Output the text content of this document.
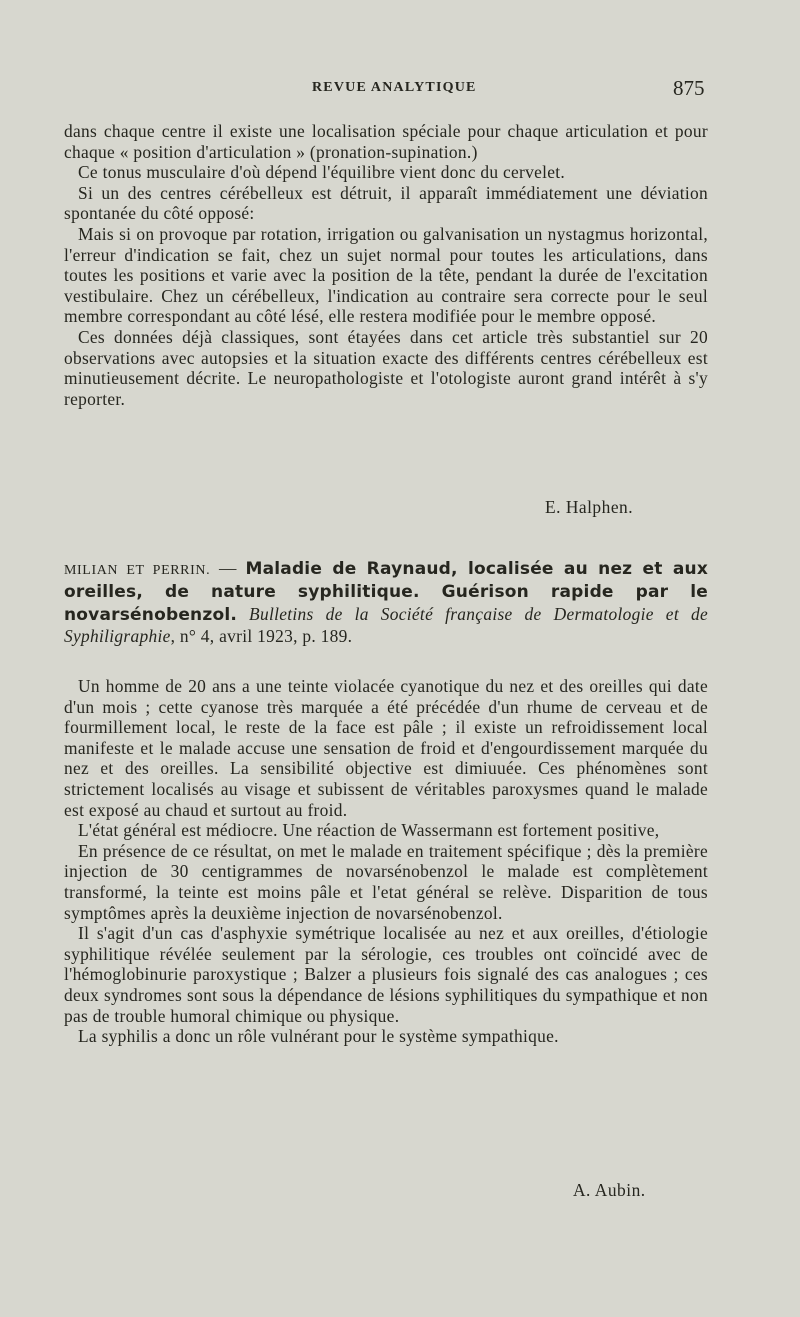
REVUE ANALYTIQUE	875

dans chaque centre il existe une localisation spéciale pour chaque articulation et pour chaque « position d'articulation » (pronation-supination.)

Ce tonus musculaire d'où dépend l'équilibre vient donc du cervelet.

Si un des centres cérébelleux est détruit, il apparaît immédiatement une déviation spontanée du côté opposé:

Mais si on provoque par rotation, irrigation ou galvanisation un nystagmus horizontal, l'erreur d'indication se fait, chez un sujet normal pour toutes les articulations, dans toutes les positions et varie avec la position de la tête, pendant la durée de l'excitation vestibulaire. Chez un cérébelleux, l'indication au contraire sera correcte pour le seul membre correspondant au côté lésé, elle restera modifiée pour le membre opposé.

Ces données déjà classiques, sont étayées dans cet article très substantiel sur 20 observations avec autopsies et la situation exacte des différents centres cérébelleux est minutieusement décrite. Le neuropathologiste et l'otologiste auront grand intérêt à s'y reporter.

E. Halphen.

MILIAN ET PERRIN. — Maladie de Raynaud, localisée au nez et aux oreilles, de nature syphilitique. Guérison rapide par le novarsénobenzol. Bulletins de la Société française de Dermatologie et de Syphiligraphie, n° 4, avril 1923, p. 189.

Un homme de 20 ans a une teinte violacée cyanotique du nez et des oreilles qui date d'un mois ; cette cyanose très marquée a été précédée d'un rhume de cerveau et de fourmillement local, le reste de la face est pâle ; il existe un refroidissement local manifeste et le malade accuse une sensation de froid et d'engourdissement marquée du nez et des oreilles. La sensibilité objective est dimiuuée. Ces phénomènes sont strictement localisés au visage et subissent de véritables paroxysmes quand le malade est exposé au chaud et surtout au froid.

L'état général est médiocre. Une réaction de Wassermann est fortement positive,

En présence de ce résultat, on met le malade en traitement spécifique ; dès la première injection de 30 centigrammes de novarsénobenzol le malade est complètement transformé, la teinte est moins pâle et l'etat général se relève. Disparition de tous symptômes après la deuxième injection de novarsénobenzol.

Il s'agit d'un cas d'asphyxie symétrique localisée au nez et aux oreilles, d'étiologie syphilitique révélée seulement par la sérologie, ces troubles ont coïncidé avec de l'hémoglobinurie paroxystique ; Balzer a plusieurs fois signalé des cas analogues ; ces deux syndromes sont sous la dépendance de lésions syphilitiques du sympathique et non pas de trouble humoral chimique ou physique.

La syphilis a donc un rôle vulnérant pour le système sympathique.

A. Aubin.
